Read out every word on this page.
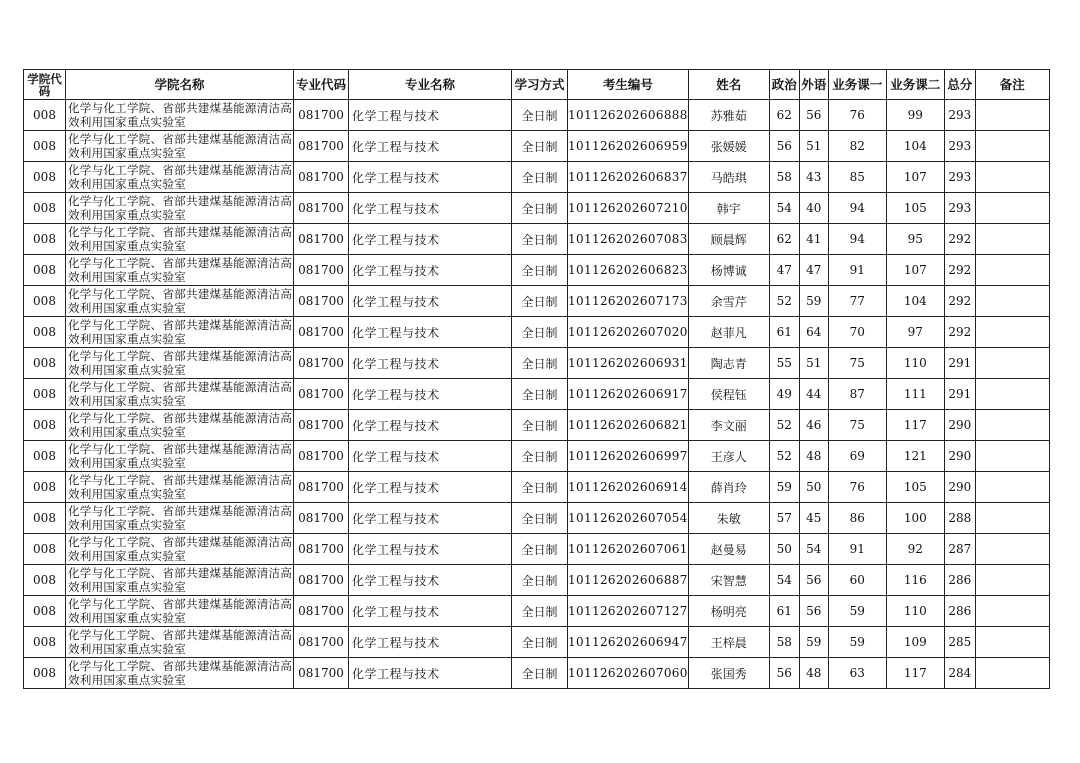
学院代码	学院名称	专业代码	专业名称	学习方式	考生编号	姓名	政治	外语	业务课一	业务课二	总分	备注
008	化学与化工学院、省部共建煤基能源清洁高效利用国家重点实验室	081700	化学工程与技术	全日制	101126202606888	苏雅茹	62	56	76	99	293	
008	化学与化工学院、省部共建煤基能源清洁高效利用国家重点实验室	081700	化学工程与技术	全日制	101126202606959	张媛媛	56	51	82	104	293	
008	化学与化工学院、省部共建煤基能源清洁高效利用国家重点实验室	081700	化学工程与技术	全日制	101126202606837	马皓琪	58	43	85	107	293	
008	化学与化工学院、省部共建煤基能源清洁高效利用国家重点实验室	081700	化学工程与技术	全日制	101126202607210	韩宇	54	40	94	105	293	
008	化学与化工学院、省部共建煤基能源清洁高效利用国家重点实验室	081700	化学工程与技术	全日制	101126202607083	顾晨辉	62	41	94	95	292	
008	化学与化工学院、省部共建煤基能源清洁高效利用国家重点实验室	081700	化学工程与技术	全日制	101126202606823	杨博诚	47	47	91	107	292	
008	化学与化工学院、省部共建煤基能源清洁高效利用国家重点实验室	081700	化学工程与技术	全日制	101126202607173	余雪芹	52	59	77	104	292	
008	化学与化工学院、省部共建煤基能源清洁高效利用国家重点实验室	081700	化学工程与技术	全日制	101126202607020	赵菲凡	61	64	70	97	292	
008	化学与化工学院、省部共建煤基能源清洁高效利用国家重点实验室	081700	化学工程与技术	全日制	101126202606931	陶志青	55	51	75	110	291	
008	化学与化工学院、省部共建煤基能源清洁高效利用国家重点实验室	081700	化学工程与技术	全日制	101126202606917	侯程钰	49	44	87	111	291	
008	化学与化工学院、省部共建煤基能源清洁高效利用国家重点实验室	081700	化学工程与技术	全日制	101126202606821	李文丽	52	46	75	117	290	
008	化学与化工学院、省部共建煤基能源清洁高效利用国家重点实验室	081700	化学工程与技术	全日制	101126202606997	王彦人	52	48	69	121	290	
008	化学与化工学院、省部共建煤基能源清洁高效利用国家重点实验室	081700	化学工程与技术	全日制	101126202606914	薛肖玲	59	50	76	105	290	
008	化学与化工学院、省部共建煤基能源清洁高效利用国家重点实验室	081700	化学工程与技术	全日制	101126202607054	朱敏	57	45	86	100	288	
008	化学与化工学院、省部共建煤基能源清洁高效利用国家重点实验室	081700	化学工程与技术	全日制	101126202607061	赵曼易	50	54	91	92	287	
008	化学与化工学院、省部共建煤基能源清洁高效利用国家重点实验室	081700	化学工程与技术	全日制	101126202606887	宋智慧	54	56	60	116	286	
008	化学与化工学院、省部共建煤基能源清洁高效利用国家重点实验室	081700	化学工程与技术	全日制	101126202607127	杨明亮	61	56	59	110	286	
008	化学与化工学院、省部共建煤基能源清洁高效利用国家重点实验室	081700	化学工程与技术	全日制	101126202606947	王梓晨	58	59	59	109	285	
008	化学与化工学院、省部共建煤基能源清洁高效利用国家重点实验室	081700	化学工程与技术	全日制	101126202607060	张国秀	56	48	63	117	284	
